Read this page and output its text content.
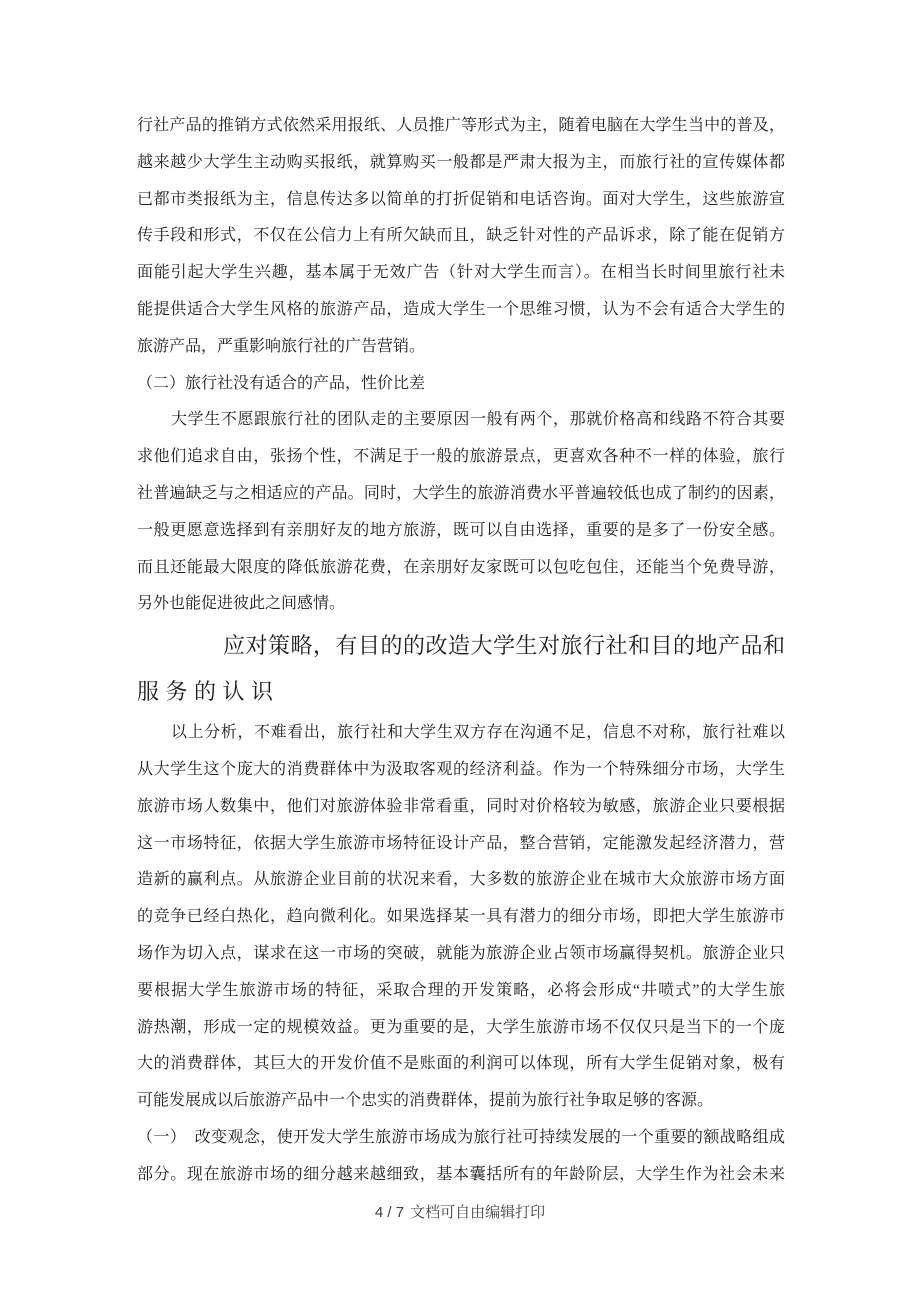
行社产品的推销方式依然采用报纸、人员推广等形式为主，随着电脑在大学生当中的普及，
越来越少大学生主动购买报纸，就算购买一般都是严肃大报为主，而旅行社的宣传媒体都
已都市类报纸为主，信息传达多以简单的打折促销和电话咨询。面对大学生，这些旅游宣
传手段和形式，不仅在公信力上有所欠缺而且，缺乏针对性的产品诉求，除了能在促销方
面能引起大学生兴趣，基本属于无效广告（针对大学生而言）。在相当长时间里旅行社未
能提供适合大学生风格的旅游产品，造成大学生一个思维习惯，认为不会有适合大学生的
旅游产品，严重影响旅行社的广告营销。
（二）旅行社没有适合的产品，性价比差
大学生不愿跟旅行社的团队走的主要原因一般有两个，那就价格高和线路不符合其要
求他们追求自由，张扬个性，不满足于一般的旅游景点，更喜欢各种不一样的体验，旅行
社普遍缺乏与之相适应的产品。同时，大学生的旅游消费水平普遍较低也成了制约的因素，
一般更愿意选择到有亲朋好友的地方旅游，既可以自由选择，重要的是多了一份安全感。
而且还能最大限度的降低旅游花费，在亲朋好友家既可以包吃包住，还能当个免费导游，
另外也能促进彼此之间感情。
应对策略，有目的的改造大学生对旅行社和目的地产品和
服务的认识
以上分析，不难看出，旅行社和大学生双方存在沟通不足，信息不对称，旅行社难以
从大学生这个庞大的消费群体中为汲取客观的经济利益。作为一个特殊细分市场，大学生
旅游市场人数集中，他们对旅游体验非常看重，同时对价格较为敏感，旅游企业只要根据
这一市场特征，依据大学生旅游市场特征设计产品，整合营销，定能激发起经济潜力，营
造新的赢利点。从旅游企业目前的状况来看，大多数的旅游企业在城市大众旅游市场方面
的竞争已经白热化，趋向微利化。如果选择某一具有潜力的细分市场，即把大学生旅游市
场作为切入点，谋求在这一市场的突破，就能为旅游企业占领市场赢得契机。旅游企业只
要根据大学生旅游市场的特征，采取合理的开发策略，必将会形成“井喷式”的大学生旅
游热潮，形成一定的规模效益。更为重要的是，大学生旅游市场不仅仅只是当下的一个庞
大的消费群体，其巨大的开发价值不是账面的利润可以体现，所有大学生促销对象，极有
可能发展成以后旅游产品中一个忠实的消费群体，提前为旅行社争取足够的客源。
（一）　改变观念，使开发大学生旅游市场成为旅行社可持续发展的一个重要的额战略组成
部分。现在旅游市场的细分越来越细致，基本囊括所有的年龄阶层，大学生作为社会未来
4 / 7 文档可自由编辑打印
